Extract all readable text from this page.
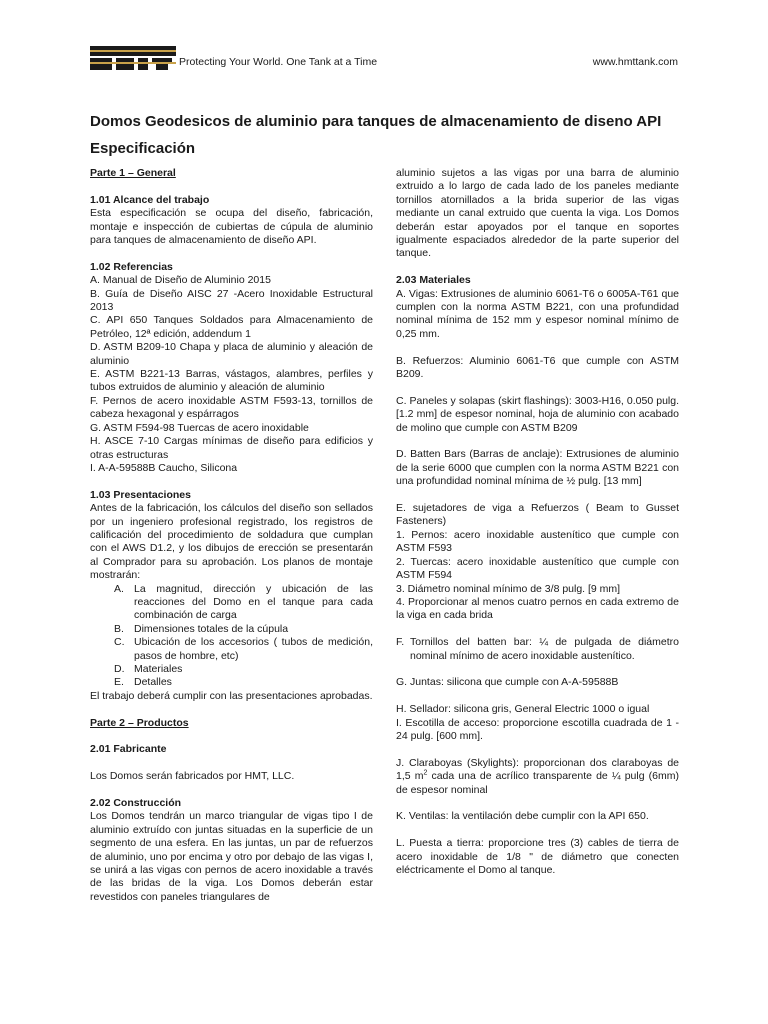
Protecting Your World. One Tank at a Time	www.hmttank.com
Domos Geodesicos de aluminio para tanques de almacenamiento de diseno API
Especificación

Parte 1 – General

1.01 Alcance del trabajo

Esta especificación se ocupa del diseño, fabricación, montaje e inspección de cubiertas de cúpula de aluminio para tanques de almacenamiento de diseño API.

1.02 Referencias

A. Manual de Diseño de Aluminio 2015

B. Guía de Diseño AISC 27 -Acero Inoxidable Estructural 2013

C. API 650 Tanques Soldados para Almacenamiento de Petróleo, 12ª edición, addendum 1

D. ASTM B209-10 Chapa y placa de aluminio y aleación de aluminio

E. ASTM B221-13 Barras, vástagos, alambres, perfiles y tubos extruidos de aluminio y aleación de aluminio

F. Pernos de acero inoxidable ASTM F593-13, tornillos de cabeza hexagonal y espárragos

G. ASTM F594-98 Tuercas de acero inoxidable

H. ASCE 7-10 Cargas mínimas de diseño para edificios y otras estructuras

I. A-A-59588B Caucho, Silicona

1.03 Presentaciones

Antes de la fabricación, los cálculos del diseño son sellados por un ingeniero profesional registrado, los registros de calificación del procedimiento de soldadura que cumplan con el AWS D1.2, y los dibujos de erección se presentarán al Comprador para su aprobación. Los planos de montaje mostrarán:

A. La magnitud, dirección y ubicación de las reacciones del Domo en el tanque para cada combinación de carga
B. Dimensiones totales de la cúpula
C. Ubicación de los accesorios ( tubos de medición, pasos de hombre, etc)
D. Materiales
E. Detalles

El trabajo deberá cumplir con las presentaciones aprobadas.

Parte 2 – Productos

2.01 Fabricante

Los Domos serán fabricados por HMT, LLC.

2.02 Construcción

Los Domos tendrán un marco triangular de vigas tipo I de aluminio extruído con juntas situadas en la superficie de un segmento de una esfera. En las juntas, un par de refuerzos de aluminio, uno por encima y otro por debajo de las vigas I, se unirá a las vigas con pernos de acero inoxidable a través de las bridas de la viga. Los Domos deberán estar revestidos con paneles triangulares de

aluminio sujetos a las vigas por una barra de aluminio extruido a lo largo de cada lado de los paneles mediante tornillos atornillados a la brida superior de las vigas mediante un canal extruido que cuenta la viga. Los Domos deberán estar apoyados por el tanque en soportes igualmente espaciados alrededor de la parte superior del tanque.

2.03 Materiales

A. Vigas: Extrusiones de aluminio 6061-T6 o 6005A-T61 que cumplen con la norma ASTM B221, con una profundidad nominal mínima de 152 mm y espesor nominal mínimo de 0,25 mm.

B. Refuerzos: Aluminio 6061-T6 que cumple con ASTM B209.

C. Paneles y solapas (skirt flashings): 3003-H16, 0.050 pulg. [1.2 mm] de espesor nominal, hoja de aluminio con acabado de molino que cumple con ASTM B209

D. Batten Bars (Barras de anclaje): Extrusiones de aluminio de la serie 6000 que cumplen con la norma ASTM B221 con una profundidad nominal mínima de ½ pulg. [13 mm]

E. sujetadores de viga a Refuerzos ( Beam to Gusset Fasteners)

1. Pernos: acero inoxidable austenítico que cumple con ASTM F593

2. Tuercas: acero inoxidable austenítico que cumple con ASTM F594

3. Diámetro nominal mínimo de 3/8 pulg. [9 mm]

4. Proporcionar al menos cuatro pernos en cada extremo de la viga en cada brida

F. Tornillos del batten bar: ¼ de pulgada de diámetro nominal mínimo de acero inoxidable austenítico.

G. Juntas: silicona que cumple con A-A-59588B

H. Sellador: silicona gris, General Electric 1000 o igual

I. Escotilla de acceso: proporcione escotilla cuadrada de 1 - 24 pulg. [600 mm].

J. Claraboyas (Skylights): proporcionan dos claraboyas de 1,5 $m^2$ cada una de acrílico transparente de ¼ pulg (6mm) de espesor nominal

K. Ventilas: la ventilación debe cumplir con la API 650.

L. Puesta a tierra: proporcione tres (3) cables de tierra de acero inoxidable de 1/8 " de diámetro que conecten eléctricamente el Domo al tanque.
